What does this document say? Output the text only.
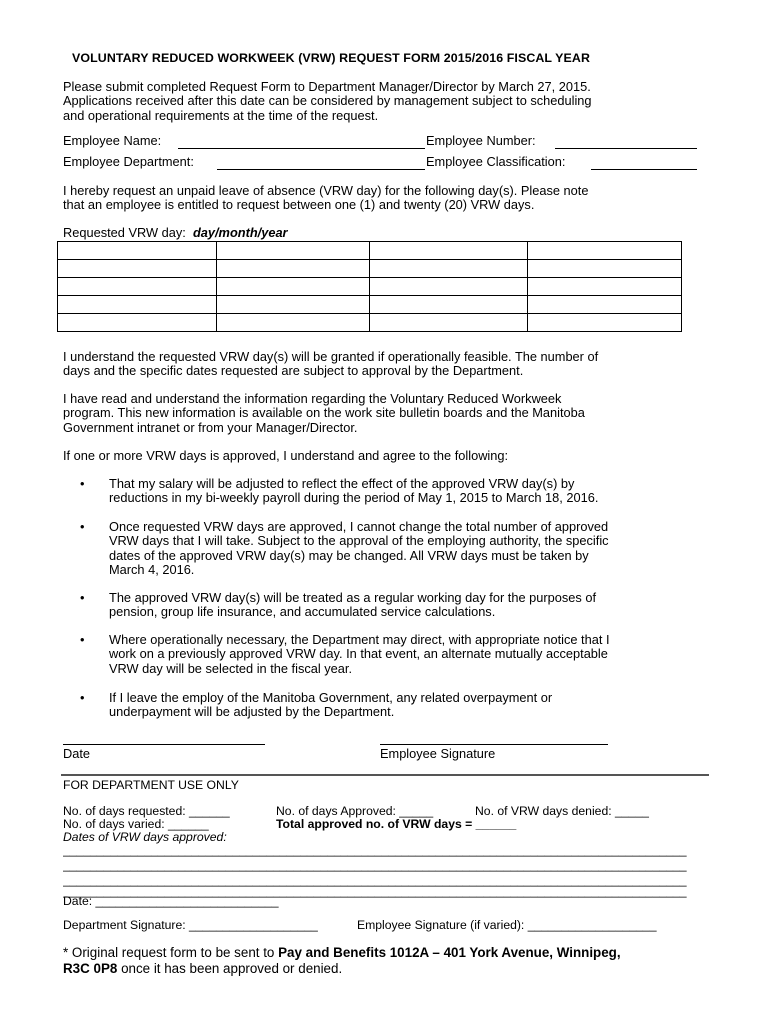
VOLUNTARY REDUCED WORKWEEK (VRW) REQUEST FORM 2015/2016 FISCAL YEAR
Please submit completed Request Form to Department Manager/Director by March 27, 2015.
Applications received after this date can be considered by management subject to scheduling
and operational requirements at the time of the request.
Employee Name:	Employee Number:
Employee Department:	Employee Classification:
I hereby request an unpaid leave of absence (VRW day) for the following day(s). Please note
that an employee is entitled to request between one (1) and twenty (20) VRW days.
Requested VRW day: day/month/year

I understand the requested VRW day(s) will be granted if operationally feasible. The number of
days and the specific dates requested are subject to approval by the Department.
I have read and understand the information regarding the Voluntary Reduced Workweek
program. This new information is available on the work site bulletin boards and the Manitoba
Government intranet or from your Manager/Director.
If one or more VRW days is approved, I understand and agree to the following:
• That my salary will be adjusted to reflect the effect of the approved VRW day(s) by
reductions in my bi-weekly payroll during the period of May 1, 2015 to March 18, 2016.
• Once requested VRW days are approved, I cannot change the total number of approved
VRW days that I will take. Subject to the approval of the employing authority, the specific
dates of the approved VRW day(s) may be changed. All VRW days must be taken by
March 4, 2016.
• The approved VRW day(s) will be treated as a regular working day for the purposes of
pension, group life insurance, and accumulated service calculations.
• Where operationally necessary, the Department may direct, with appropriate notice that I
work on a previously approved VRW day. In that event, an alternate mutually acceptable
VRW day will be selected in the fiscal year.
• If I leave the employ of the Manitoba Government, any related overpayment or
underpayment will be adjusted by the Department.
Date	Employee Signature
FOR DEPARTMENT USE ONLY
No. of days requested: ______	No. of days Approved: _____	No. of VRW days denied: _____
No. of days varied: ______	Total approved no. of VRW days = ______
Dates of VRW days approved:
____________________________________________________________________________________________
____________________________________________________________________________________________
____________________________________________________________________________________________
____________________________________________________________________________________________
Date: ___________________________
Department Signature: ___________________	Employee Signature (if varied): ___________________
* Original request form to be sent to Pay and Benefits 1012A – 401 York Avenue, Winnipeg,
R3C 0P8 once it has been approved or denied.
